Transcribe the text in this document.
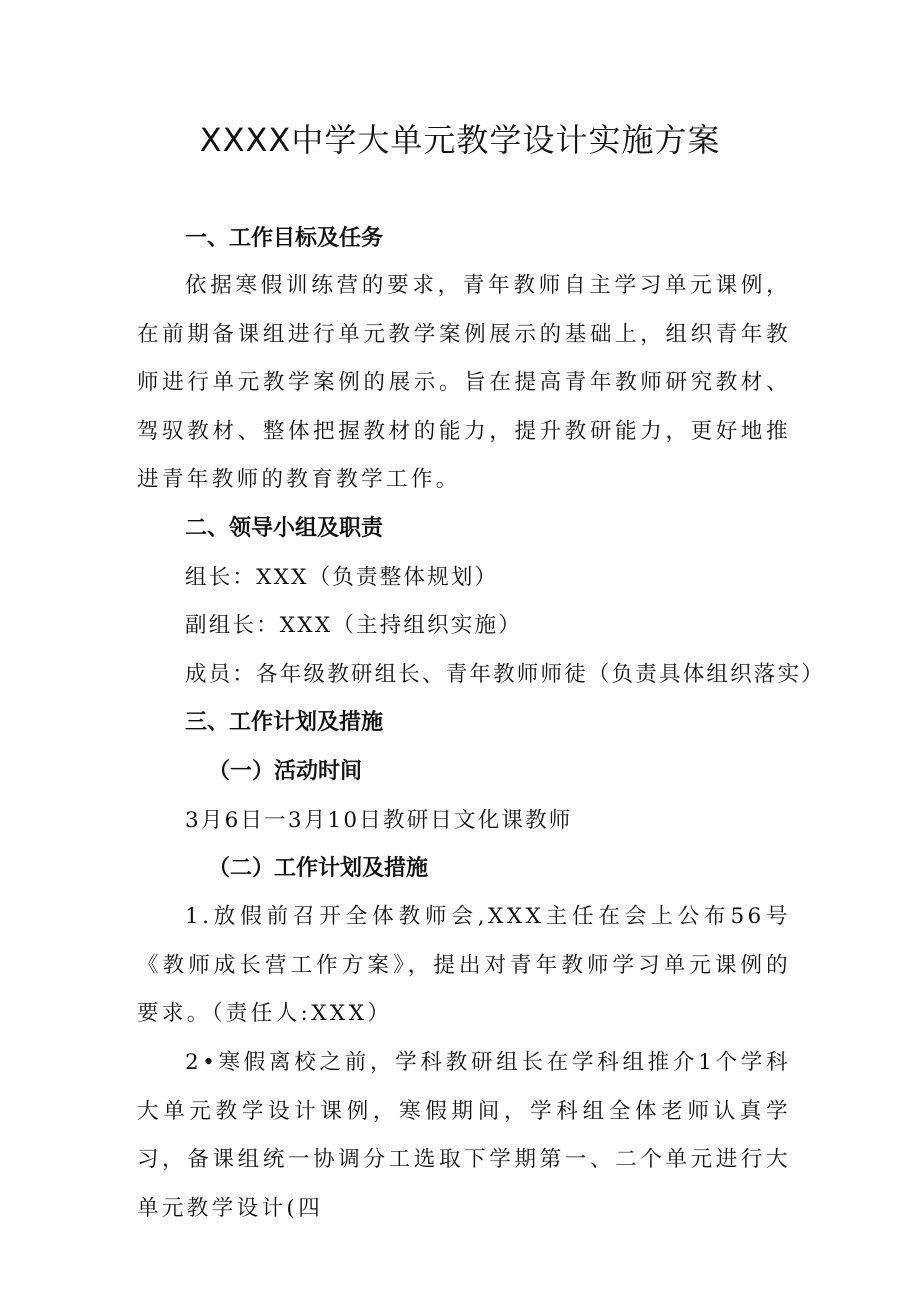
XXXX中学大单元教学设计实施方案
一、工作目标及任务

依据寒假训练营的要求，青年教师自主学习单元课例，在前期备课组进行单元教学案例展示的基础上，组织青年教师进行单元教学案例的展示。旨在提高青年教师研究教材、驾驭教材、整体把握教材的能力，提升教研能力，更好地推进青年教师的教育教学工作。

二、领导小组及职责

组长：XXX（负责整体规划）

副组长：XXX（主持组织实施）

成员：各年级教研组长、青年教师师徒（负责具体组织落实）

三、工作计划及措施
（一）活动时间

3月6日一3月10日教研日文化课教师

（二）工作计划及措施

1.放假前召开全体教师会,XXX主任在会上公布56号《教师成长营工作方案》，提出对青年教师学习单元课例的要求。（责任人:XXX）

2•寒假离校之前，学科教研组长在学科组推介1个学科大单元教学设计课例，寒假期间，学科组全体老师认真学习，备课组统一协调分工选取下学期第一、二个单元进行大单元教学设计(四
